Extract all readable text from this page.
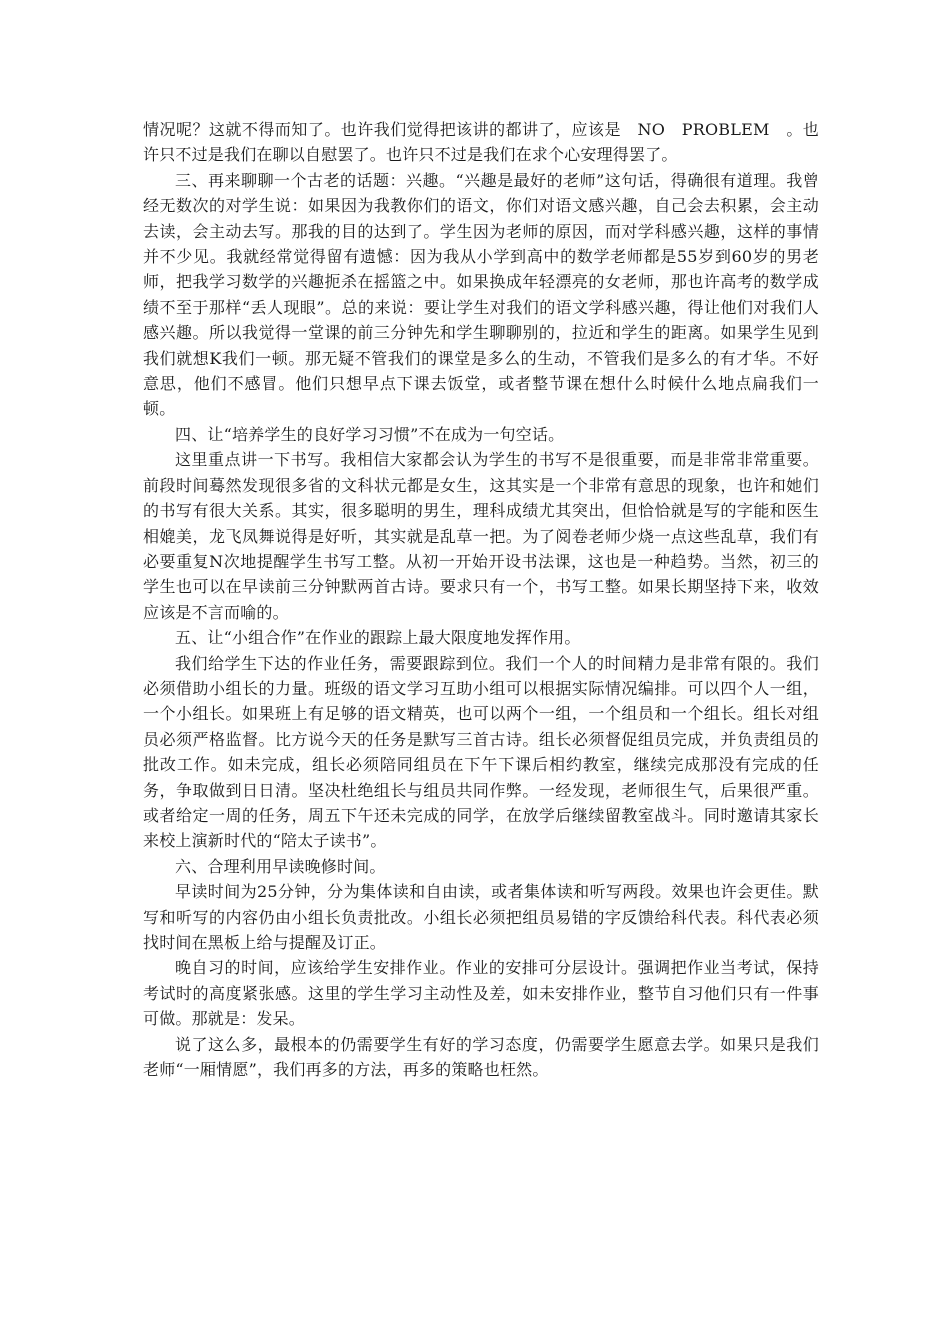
情况呢？这就不得而知了。也许我们觉得把该讲的都讲了，应该是　NO　PROBLEM　。也许只不过是我们在聊以自慰罢了。也许只不过是我们在求个心安理得罢了。

三、再来聊聊一个古老的话题：兴趣。“兴趣是最好的老师”这句话，得确很有道理。我曾经无数次的对学生说：如果因为我教你们的语文，你们对语文感兴趣，自己会去积累，会主动去读，会主动去写。那我的目的达到了。学生因为老师的原因，而对学科感兴趣，这样的事情并不少见。我就经常觉得留有遗憾：因为我从小学到高中的数学老师都是55岁到60岁的男老师，把我学习数学的兴趣扼杀在摇篮之中。如果换成年轻漂亮的女老师，那也许高考的数学成绩不至于那样“丢人现眼”。总的来说：要让学生对我们的语文学科感兴趣，得让他们对我们人感兴趣。所以我觉得一堂课的前三分钟先和学生聊聊别的，拉近和学生的距离。如果学生见到我们就想K我们一顿。那无疑不管我们的课堂是多么的生动，不管我们是多么的有才华。不好意思，他们不感冒。他们只想早点下课去饭堂，或者整节课在想什么时候什么地点扁我们一顿。

四、让“培养学生的良好学习习惯”不在成为一句空话。

这里重点讲一下书写。我相信大家都会认为学生的书写不是很重要，而是非常非常重要。前段时间蓦然发现很多省的文科状元都是女生，这其实是一个非常有意思的现象，也许和她们的书写有很大关系。其实，很多聪明的男生，理科成绩尤其突出，但恰恰就是写的字能和医生相媲美，龙飞凤舞说得是好听，其实就是乱草一把。为了阅卷老师少烧一点这些乱草，我们有必要重复N次地提醒学生书写工整。从初一开始开设书法课，这也是一种趋势。当然，初三的学生也可以在早读前三分钟默两首古诗。要求只有一个，书写工整。如果长期坚持下来，收效应该是不言而喻的。

五、让“小组合作”在作业的跟踪上最大限度地发挥作用。

我们给学生下达的作业任务，需要跟踪到位。我们一个人的时间精力是非常有限的。我们必须借助小组长的力量。班级的语文学习互助小组可以根据实际情况编排。可以四个人一组，一个小组长。如果班上有足够的语文精英，也可以两个一组，一个组员和一个组长。组长对组员必须严格监督。比方说今天的任务是默写三首古诗。组长必须督促组员完成，并负责组员的批改工作。如未完成，组长必须陪同组员在下午下课后相约教室，继续完成那没有完成的任务，争取做到日日清。坚决杜绝组长与组员共同作弊。一经发现，老师很生气，后果很严重。或者给定一周的任务，周五下午还未完成的同学，在放学后继续留教室战斗。同时邀请其家长来校上演新时代的“陪太子读书”。

六、合理利用早读晚修时间。

早读时间为25分钟，分为集体读和自由读，或者集体读和听写两段。效果也许会更佳。默写和听写的内容仍由小组长负责批改。小组长必须把组员易错的字反馈给科代表。科代表必须找时间在黑板上给与提醒及订正。

晚自习的时间，应该给学生安排作业。作业的安排可分层设计。强调把作业当考试，保持考试时的高度紧张感。这里的学生学习主动性及差，如未安排作业，整节自习他们只有一件事可做。那就是：发呆。

说了这么多，最根本的仍需要学生有好的学习态度，仍需要学生愿意去学。如果只是我们老师“一厢情愿”，我们再多的方法，再多的策略也枉然。
